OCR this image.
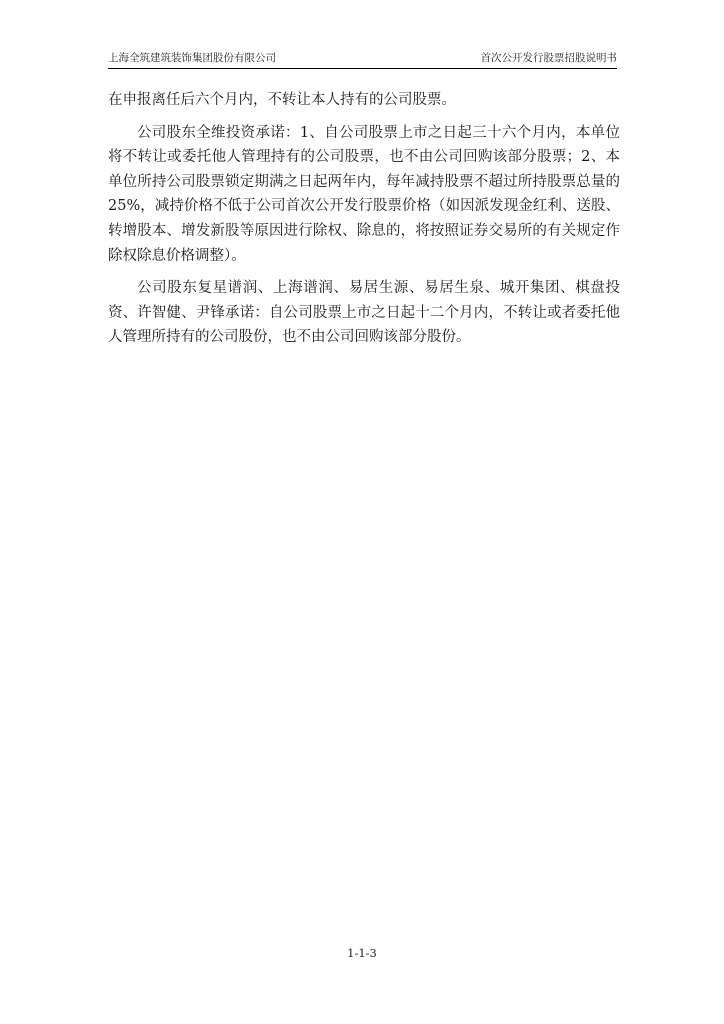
上海全筑建筑装饰集团股份有限公司	首次公开发行股票招股说明书

在申报离任后六个月内，不转让本人持有的公司股票。

公司股东全维投资承诺：1、自公司股票上市之日起三十六个月内，本单位将不转让或委托他人管理持有的公司股票，也不由公司回购该部分股票；2、本单位所持公司股票锁定期满之日起两年内，每年减持股票不超过所持股票总量的25%，减持价格不低于公司首次公开发行股票价格（如因派发现金红利、送股、转增股本、增发新股等原因进行除权、除息的，将按照证券交易所的有关规定作除权除息价格调整）。

公司股东复星谱润、上海谱润、易居生源、易居生泉、城开集团、棋盘投资、许智健、尹锋承诺：自公司股票上市之日起十二个月内，不转让或者委托他人管理所持有的公司股份，也不由公司回购该部分股份。

1-1-3
